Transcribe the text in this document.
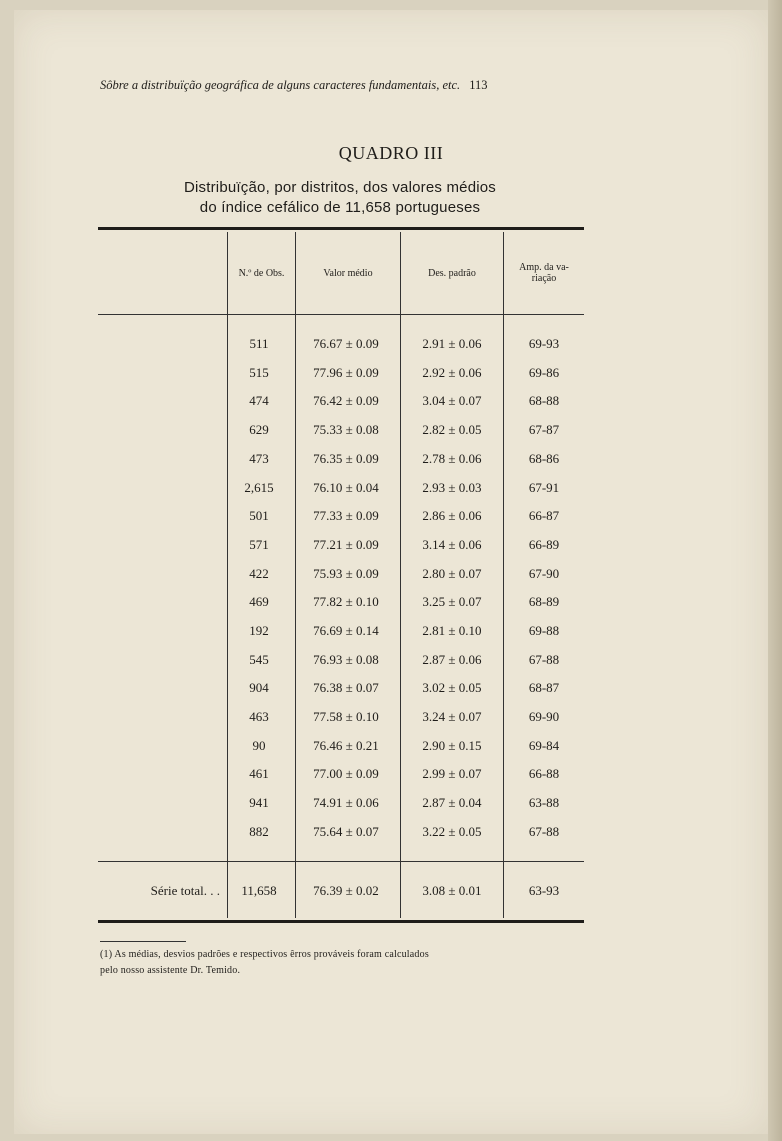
Sôbre a distribuïção geográfica de alguns caracteres fundamentais, etc. 113
QUADRO III
Distribuïção, por distritos, dos valores médios
do índice cefálico de 11,658 portugueses
N.º de Obs.	Valor médio	Des. padrão	Amp. da va-
riação
511	76.67 ± 0.09	2.91 ± 0.06	69-93
515	77.96 ± 0.09	2.92 ± 0.06	69-86
474	76.42 ± 0.09	3.04 ± 0.07	68-88
629	75.33 ± 0.08	2.82 ± 0.05	67-87
473	76.35 ± 0.09	2.78 ± 0.06	68-86
2,615	76.10 ± 0.04	2.93 ± 0.03	67-91
501	77.33 ± 0.09	2.86 ± 0.06	66-87
571	77.21 ± 0.09	3.14 ± 0.06	66-89
422	75.93 ± 0.09	2.80 ± 0.07	67-90
469	77.82 ± 0.10	3.25 ± 0.07	68-89
192	76.69 ± 0.14	2.81 ± 0.10	69-88
545	76.93 ± 0.08	2.87 ± 0.06	67-88
904	76.38 ± 0.07	3.02 ± 0.05	68-87
463	77.58 ± 0.10	3.24 ± 0.07	69-90
90	76.46 ± 0.21	2.90 ± 0.15	69-84
461	77.00 ± 0.09	2.99 ± 0.07	66-88
941	74.91 ± 0.06	2.87 ± 0.04	63-88
882	75.64 ± 0.07	3.22 ± 0.05	67-88
Série total. . .	11,658	76.39 ± 0.02	3.08 ± 0.01	63-93
(1) As médias, desvios padrões e respectivos êrros prováveis foram calculados
pelo nosso assistente Dr. Temido.
